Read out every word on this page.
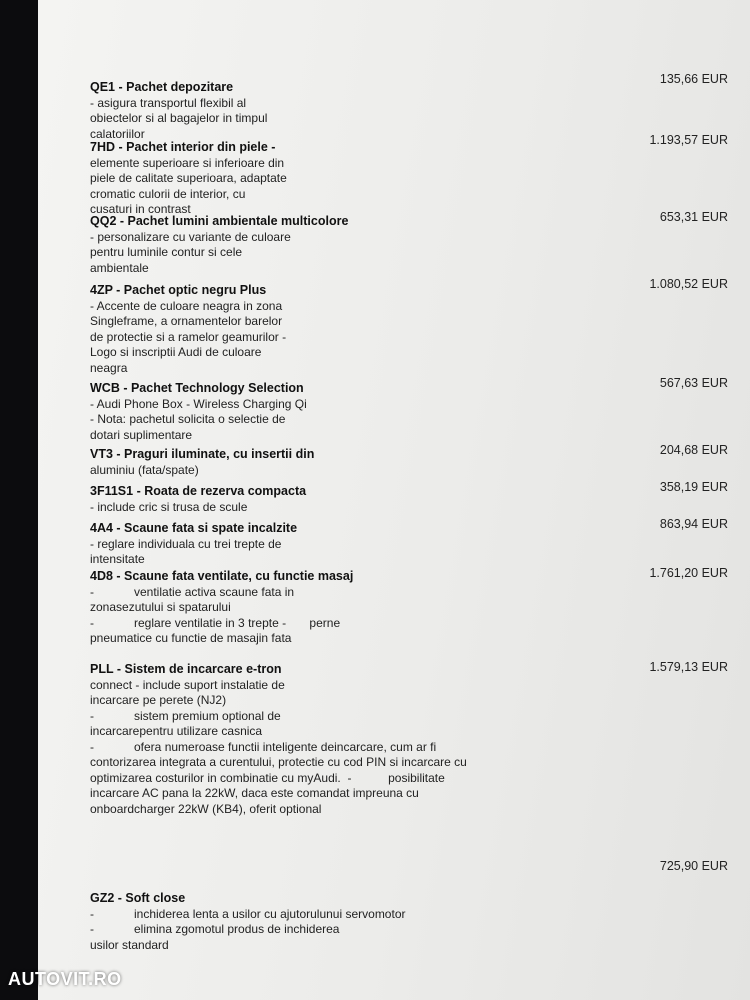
QE1 - Pachet depozitare
- asigura transportul flexibil al
obiectelor si al bagajelor in timpul
calatoriilor
135,66 EUR
7HD - Pachet interior din piele -
elemente superioare si inferioare din
piele de calitate superioara, adaptate
cromatic culorii de interior, cu
cusaturi in contrast
1.193,57 EUR
QQ2 - Pachet lumini ambientale multicolore
- personalizare cu variante de culoare
pentru luminile contur si cele
ambientale
653,31 EUR
4ZP - Pachet optic negru Plus
- Accente de culoare neagra in zona
Singleframe, a ornamentelor barelor
de protectie si a ramelor geamurilor -
Logo si inscriptii Audi de culoare
neagra
1.080,52 EUR
WCB - Pachet Technology Selection
- Audi Phone Box - Wireless Charging Qi
- Nota: pachetul solicita o selectie de
dotari suplimentare
567,63 EUR
VT3 - Praguri iluminate, cu insertii din
aluminiu (fata/spate)
204,68 EUR
3F11S1 - Roata de rezerva compacta
- include cric si trusa de scule
358,19 EUR
4A4 - Scaune fata si spate incalzite
- reglare individuala cu trei trepte de
intensitate
863,94 EUR
4D8 - Scaune fata ventilate, cu functie masaj
-            ventilatie activa scaune fata in
zonasezutului si spatarului
-            reglare ventilatie in 3 trepte -       perne
pneumatice cu functie de masajin fata
1.761,20 EUR
PLL - Sistem de incarcare e-tron
connect - include suport instalatie de
incarcare pe perete (NJ2)
-            sistem premium optional de
incarcarepentru utilizare casnica
-            ofera numeroase functii inteligente deincarcare, cum ar fi
contorizarea integrata a curentului, protectie cu cod PIN si incarcare cu
optimizarea costurilor in combinatie cu myAudi.  -           posibilitate
incarcare AC pana la 22kW, daca este comandat impreuna cu
onboardcharger 22kW (KB4), oferit optional
1.579,13 EUR
725,90 EUR
GZ2 - Soft close
-            inchiderea lenta a usilor cu ajutorulunui servomotor
-            elimina zgomotul produs de inchiderea
usilor standard
AUTOVIT.RO
